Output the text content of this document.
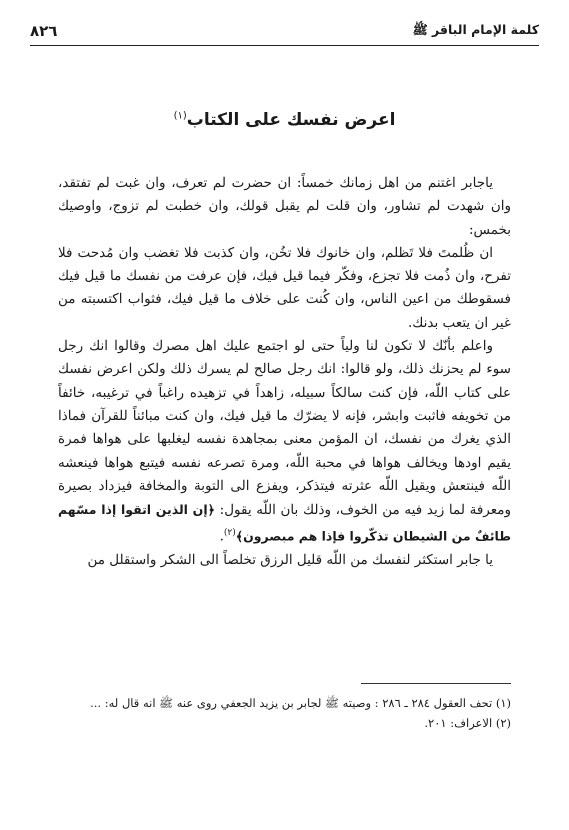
كلمة الإمام الباقر ﷺ
٨٢٦
اعرض نفسك على الكتاب$^{(١)}$

ياجابر اغتنم من اهل زمانك خمساً: ان حضرت لم تعرف، وان غبت لم تفتقد، وان شهدت لم تشاور، وان قلت لم يقبل قولك، وان خطبت لم تزوج، واوصيك بخمس:

ان ظُلمتَ فلا تَظلم، وان خانوك فلا تخُن، وان كذبت فلا تغضب وان مُدحت فلا تفرح، وان ذُمت فلا تجزع، وفكّر فيما قيل فيك، فإن عرفت من نفسك ما قيل فيك فسقوطك من اعين الناس، وان كُنت على خلاف ما قيل فيك، فثواب اكتسبته من غير ان يتعب بدنك.

واعلم بأنّك لا تكون لنا ولياً حتى لو اجتمع عليك اهل مصرك وقالوا انك رجل سوء لم يحزنك ذلك، ولو قالوا: انك رجل صالح لم يسرك ذلك ولكن اعرض نفسك على كتاب اللّه، فإن كنت سالكاً سبيله، زاهداً في تزهيده راغباً في ترغيبه، خائفاً من تخويفه فاثبت وابشر، فإنه لا يضرّك ما قيل فيك، وان كنت مبائناً للقرآن فماذا الذي يغرك من نفسك، ان المؤمن معنى بمجاهدة نفسه ليغلبها على هواها فمرة يقيم اودها ويخالف هواها في محبة اللّه، ومرة تصرعه نفسه فيتبع هواها فينعشه اللّه فينتعش ويقيل اللّه عثرته فيتذكر، ويفزع الى التوبة والمخافة فيزداد بصيرة ومعرفة لما زيد فيه من الخوف، وذلك بان اللّه يقول: ﴿إن الذين اتقوا إذا مسّهم طائفٌ من الشيطان تذكّروا فإذا هم مبصرون﴾$^{(٢)}$.

يا جابر استكثر لنفسك من اللّه قليل الرزق تخلصاً الى الشكر واستقلل من

(١) تحف العقول ٢٨٤ ـ ٢٨٦ : وصيته ﷺ لجابر بن يزيد الجعفي روى عنه ﷺ انه قال له: ...

(٢) الاعراف: ٢٠١.
